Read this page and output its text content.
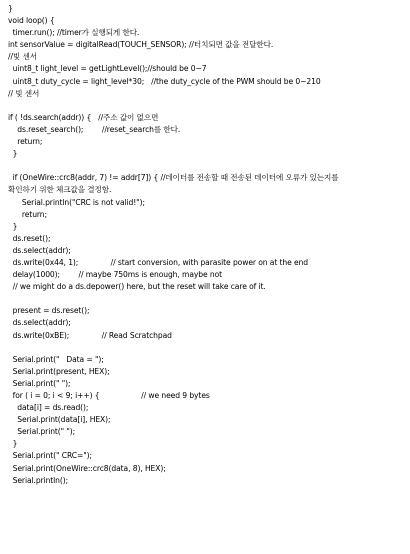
}
void loop() {
timer.run(); //timer가 실행되게 한다.
int sensorValue = digitalRead(TOUCH_SENSOR); //터치되면 값을 전달한다.
//빛 센서
uint8_t light_level = getLightLevel();//should be 0~7
uint8_t duty_cycle = light_level*30;   //the duty_cycle of the PWM should be 0~210
// 빛 센서
if ( !ds.search(addr)) {   //주소 값이 없으면
ds.reset_search();        //reset_search를 한다.
return;
}
if (OneWire::crc8(addr, 7) != addr[7]) { //데이터를 전송할 때 전송된 데이터에 오류가 있는지를
확인하기 위한 체크값을 결정함.
Serial.println("CRC is not valid!");
return;
}
ds.reset();
ds.select(addr);
ds.write(0x44, 1);              // start conversion, with parasite power on at the end
delay(1000);        // maybe 750ms is enough, maybe not
// we might do a ds.depower() here, but the reset will take care of it.
present = ds.reset();
ds.select(addr);
ds.write(0xBE);              // Read Scratchpad
Serial.print("   Data = ");
Serial.print(present, HEX);
Serial.print(" ");
for ( i = 0; i < 9; i++) {                  // we need 9 bytes
data[i] = ds.read();
Serial.print(data[i], HEX);
Serial.print(" ");
}
Serial.print(" CRC=");
Serial.print(OneWire::crc8(data, 8), HEX);
Serial.println();
